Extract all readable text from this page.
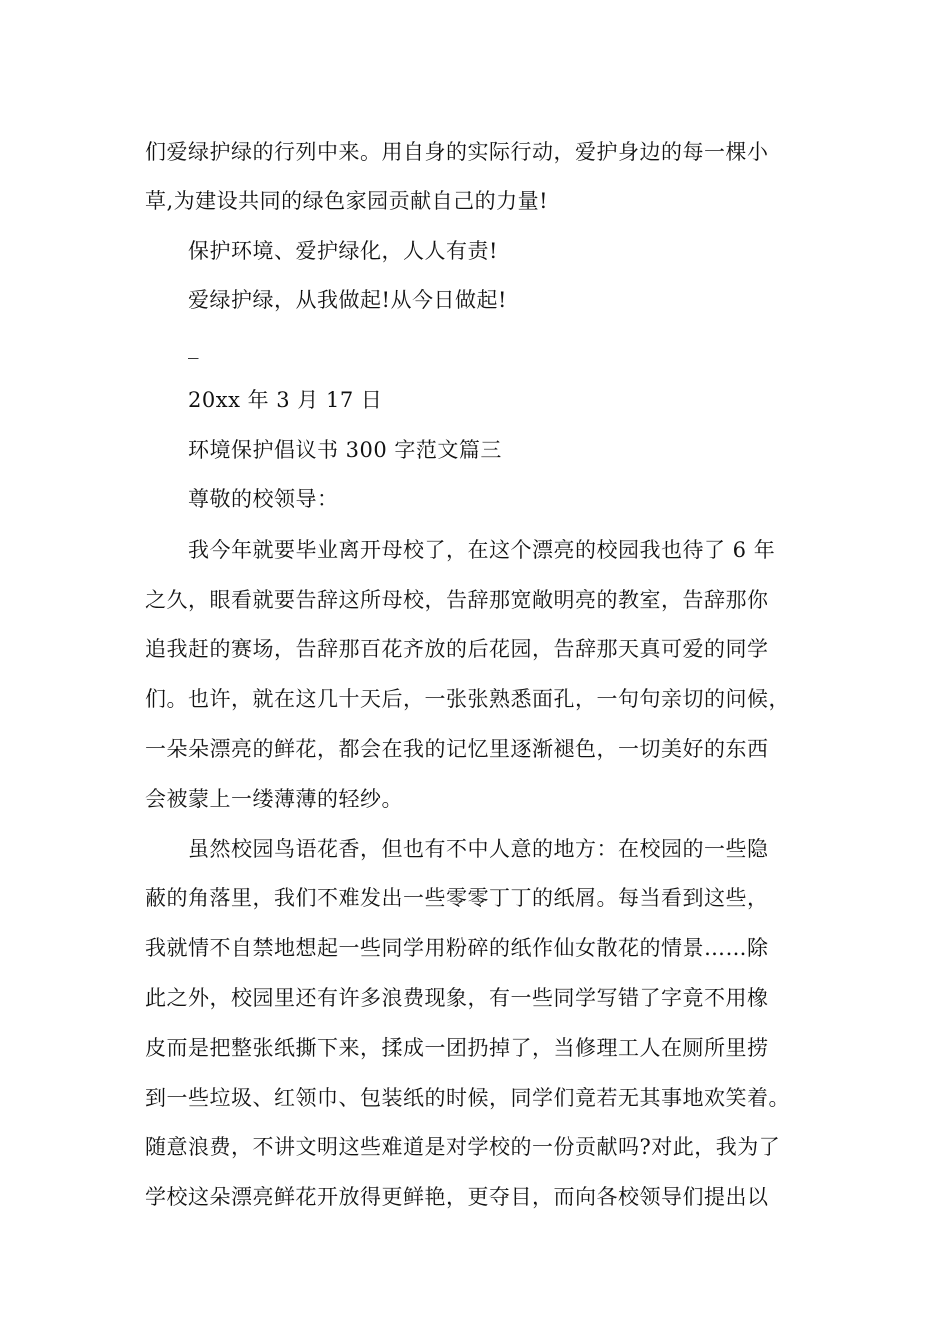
们爱绿护绿的行列中来。用自身的实际行动，爱护身边的每一棵小
草,为建设共同的绿色家园贡献自己的力量!
保护环境、爱护绿化，人人有责!
爱绿护绿，从我做起!从今日做起!
_
20xx 年 3 月 17 日
环境保护倡议书 300 字范文篇三
尊敬的校领导：
我今年就要毕业离开母校了，在这个漂亮的校园我也待了 6 年
之久，眼看就要告辞这所母校，告辞那宽敞明亮的教室，告辞那你
追我赶的赛场，告辞那百花齐放的后花园，告辞那天真可爱的同学
们。也许，就在这几十天后，一张张熟悉面孔，一句句亲切的问候，
一朵朵漂亮的鲜花，都会在我的记忆里逐渐褪色，一切美好的东西
会被蒙上一缕薄薄的轻纱。
虽然校园鸟语花香，但也有不中人意的地方：在校园的一些隐
蔽的角落里，我们不难发出一些零零丁丁的纸屑。每当看到这些，
我就情不自禁地想起一些同学用粉碎的纸作仙女散花的情景……除
此之外，校园里还有许多浪费现象，有一些同学写错了字竟不用橡
皮而是把整张纸撕下来，揉成一团扔掉了，当修理工人在厕所里捞
到一些垃圾、红领巾、包装纸的时候，同学们竟若无其事地欢笑着。
随意浪费，不讲文明这些难道是对学校的一份贡献吗?对此，我为了
学校这朵漂亮鲜花开放得更鲜艳，更夺目，而向各校领导们提出以
